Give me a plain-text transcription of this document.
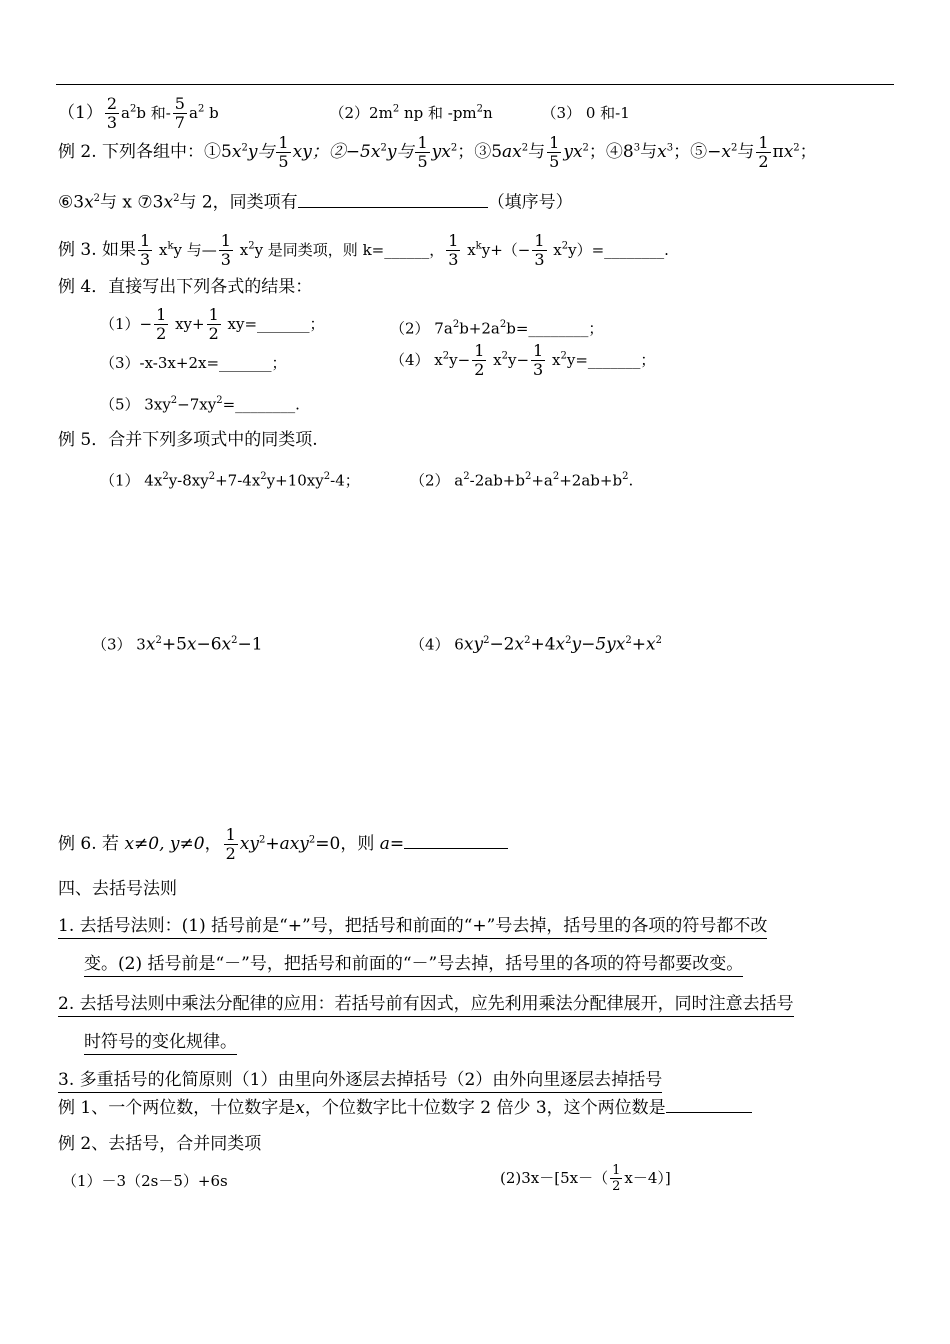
$(1) \frac{2}{3} a^2b$ 和- $\frac{5}{7} a^2$ b	$(2)2m^2$ np 和 $-pm^2n$	（3） 0 和-1
例 2. 下列各组中：$①5x^2y$与 $\frac{1}{5}$ xy；$②-5x^2y$与 $\frac{1}{5} yx^2$；$③5ax^2$与 $\frac{1}{5} yx^2$；$④8^3$与$x^3$；$⑤-x^2$与 $\frac{1}{2} \pi x^2$；
$⑥3x^2$与 x $⑦3x^2$与 2，同类项有	（填序号）
例 3. 如果 $\frac{1}{3} x^ky$ 与— $\frac{1}{3} x^2y$ 是同类项，则 k=______， $\frac{1}{3} x^ky+(- \frac{1}{3}$ $x^2y)=\_\_\_\_\_\_\_\_$.
例 4．直接写出下列各式的结果：
$(1)- \frac{1}{2} xy+ \frac{1}{2}$ xy=_______；	（2） $7a^2b+2a^2b=\_\_\_\_\_\_\_\_$；
（3）-x-3x+2x=_______；	（4） $x^2y- \frac{1}{2} x^2y- \frac{1}{3}$ $x^2y=\_\_\_\_\_\_\_$；
（5） $3xy^2-7xy^2=\_\_\_\_\_\_\_\_$.
例 5．合并下列多项式中的同类项.
（1） $4x^2y-8xy^2+7-4x^2y+10xy^2-4$；	（2） $a^2-2ab+b^2+a^2+2ab+b^2$.
（3） $3x^2+5x-6x^2-1$	（4） $6xy^2-2x^2+4x^2y-5yx^2+x^2$
例 6. 若 x≠0, y≠0， $\frac{1}{2} xy^2+axy^2=0$，则 a=
四、去括号法则
1. 去括号法则：(1) 括号前是“+”号，把括号和前面的“+”号去掉，括号里的各项的符号都不改
变。(2) 括号前是“－”号，把括号和前面的“－”号去掉，括号里的各项的符号都要改变。
2. 去括号法则中乘法分配律的应用：若括号前有因式，应先利用乘法分配律展开，同时注意去括号
时符号的变化规律。
3. 多重括号的化简原则（1）由里向外逐层去掉括号（2）由外向里逐层去掉括号
例 1、一个两位数，十位数字是x，个位数字比十位数字 2 倍少 3，这个两位数是
例 2、去括号，合并同类项
（1）－3（2s－5）+6s	$(2)3x-[5x-( \frac{1}{2} x-4)]$
